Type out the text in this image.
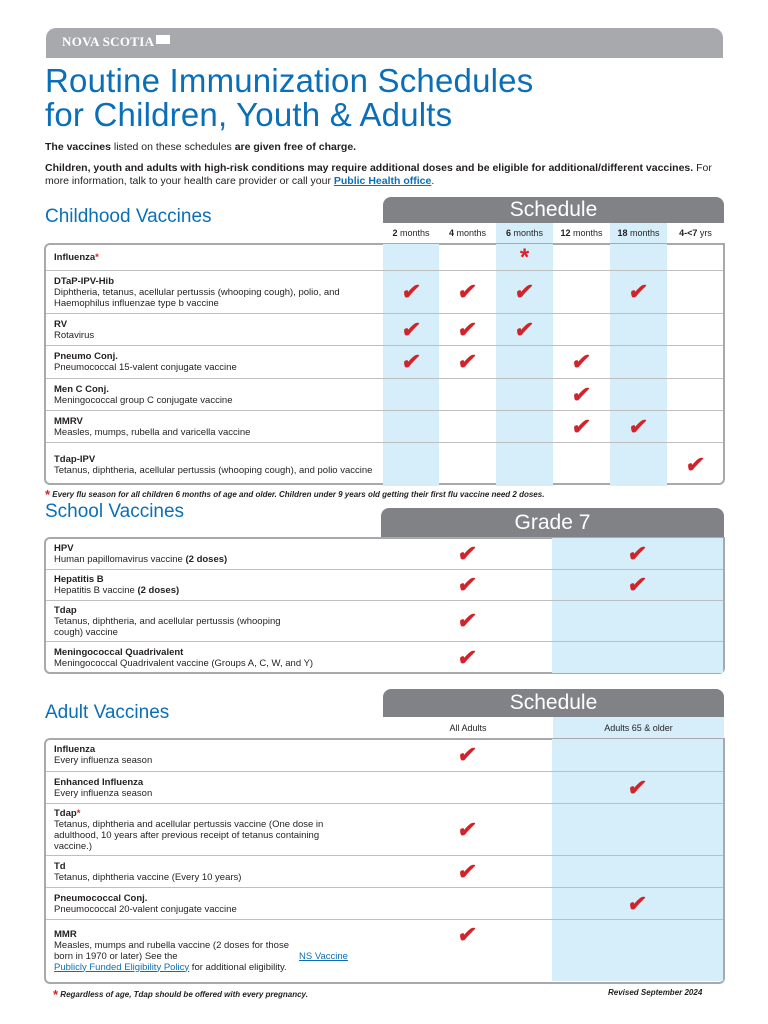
NOVA SCOTIA
Routine Immunization Schedules
for Children, Youth & Adults
The vaccines listed on these schedules are given free of charge.
Children, youth and adults with high-risk conditions may require additional doses and be eligible for additional/different vaccines. For more information, talk to your health care provider or call your Public Health office.
Childhood Vaccines	Schedule
2 months	4 months	6 months	12 months	18 months	4-<7 yrs
Influenza*			*			

DTaP-IPV-Hib
Diphtheria, tetanus, acellular pertussis (whooping cough), polio, and Haemophilus influenzae type b vaccine	✔	✔	✔		✔	

RV
Rotavirus	✔	✔	✔			

Pneumo Conj.
Pneumococcal 15-valent conjugate vaccine	✔	✔		✔		

Men C Conj.
Meningococcal group C conjugate vaccine				✔		

MMRV
Measles, mumps, rubella and varicella vaccine				✔	✔	

Tdap-IPV
Tetanus, diphtheria, acellular pertussis (whooping cough), and polio vaccine						✔
* Every flu season for all children 6 months of age and older. Children under 9 years old getting their first flu vaccine need 2 doses.
School Vaccines	Grade 7
HPV
Human papillomavirus vaccine (2 doses)	✔	✔

Hepatitis B
Hepatitis B vaccine (2 doses)	✔	✔

Tdap
Tetanus, diphtheria, and acellular pertussis (whooping cough) vaccine	✔	

Meningococcal Quadrivalent
Meningococcal Quadrivalent vaccine (Groups A, C, W, and Y)	✔	
Adult Vaccines	Schedule
All Adults	Adults 65 & older
Influenza
Every influenza season	✔	

Enhanced Influenza
Every influenza season		✔

Tdap*
Tetanus, diphtheria and acellular pertussis vaccine (One dose in adulthood, 10 years after previous receipt of tetanus containing vaccine.)	✔	

Td
Tetanus, diphtheria vaccine (Every 10 years)	✔	

Pneumococcal Conj.
Pneumococcal 20-valent conjugate vaccine		✔

MMR
Measles, mumps and rubella vaccine (2 doses for those born in 1970 or later) See the NS Vaccine Publicly Funded Eligibility Policy for additional eligibility.	✔	
* Regardless of age, Tdap should be offered with every pregnancy.	Revised September 2024
